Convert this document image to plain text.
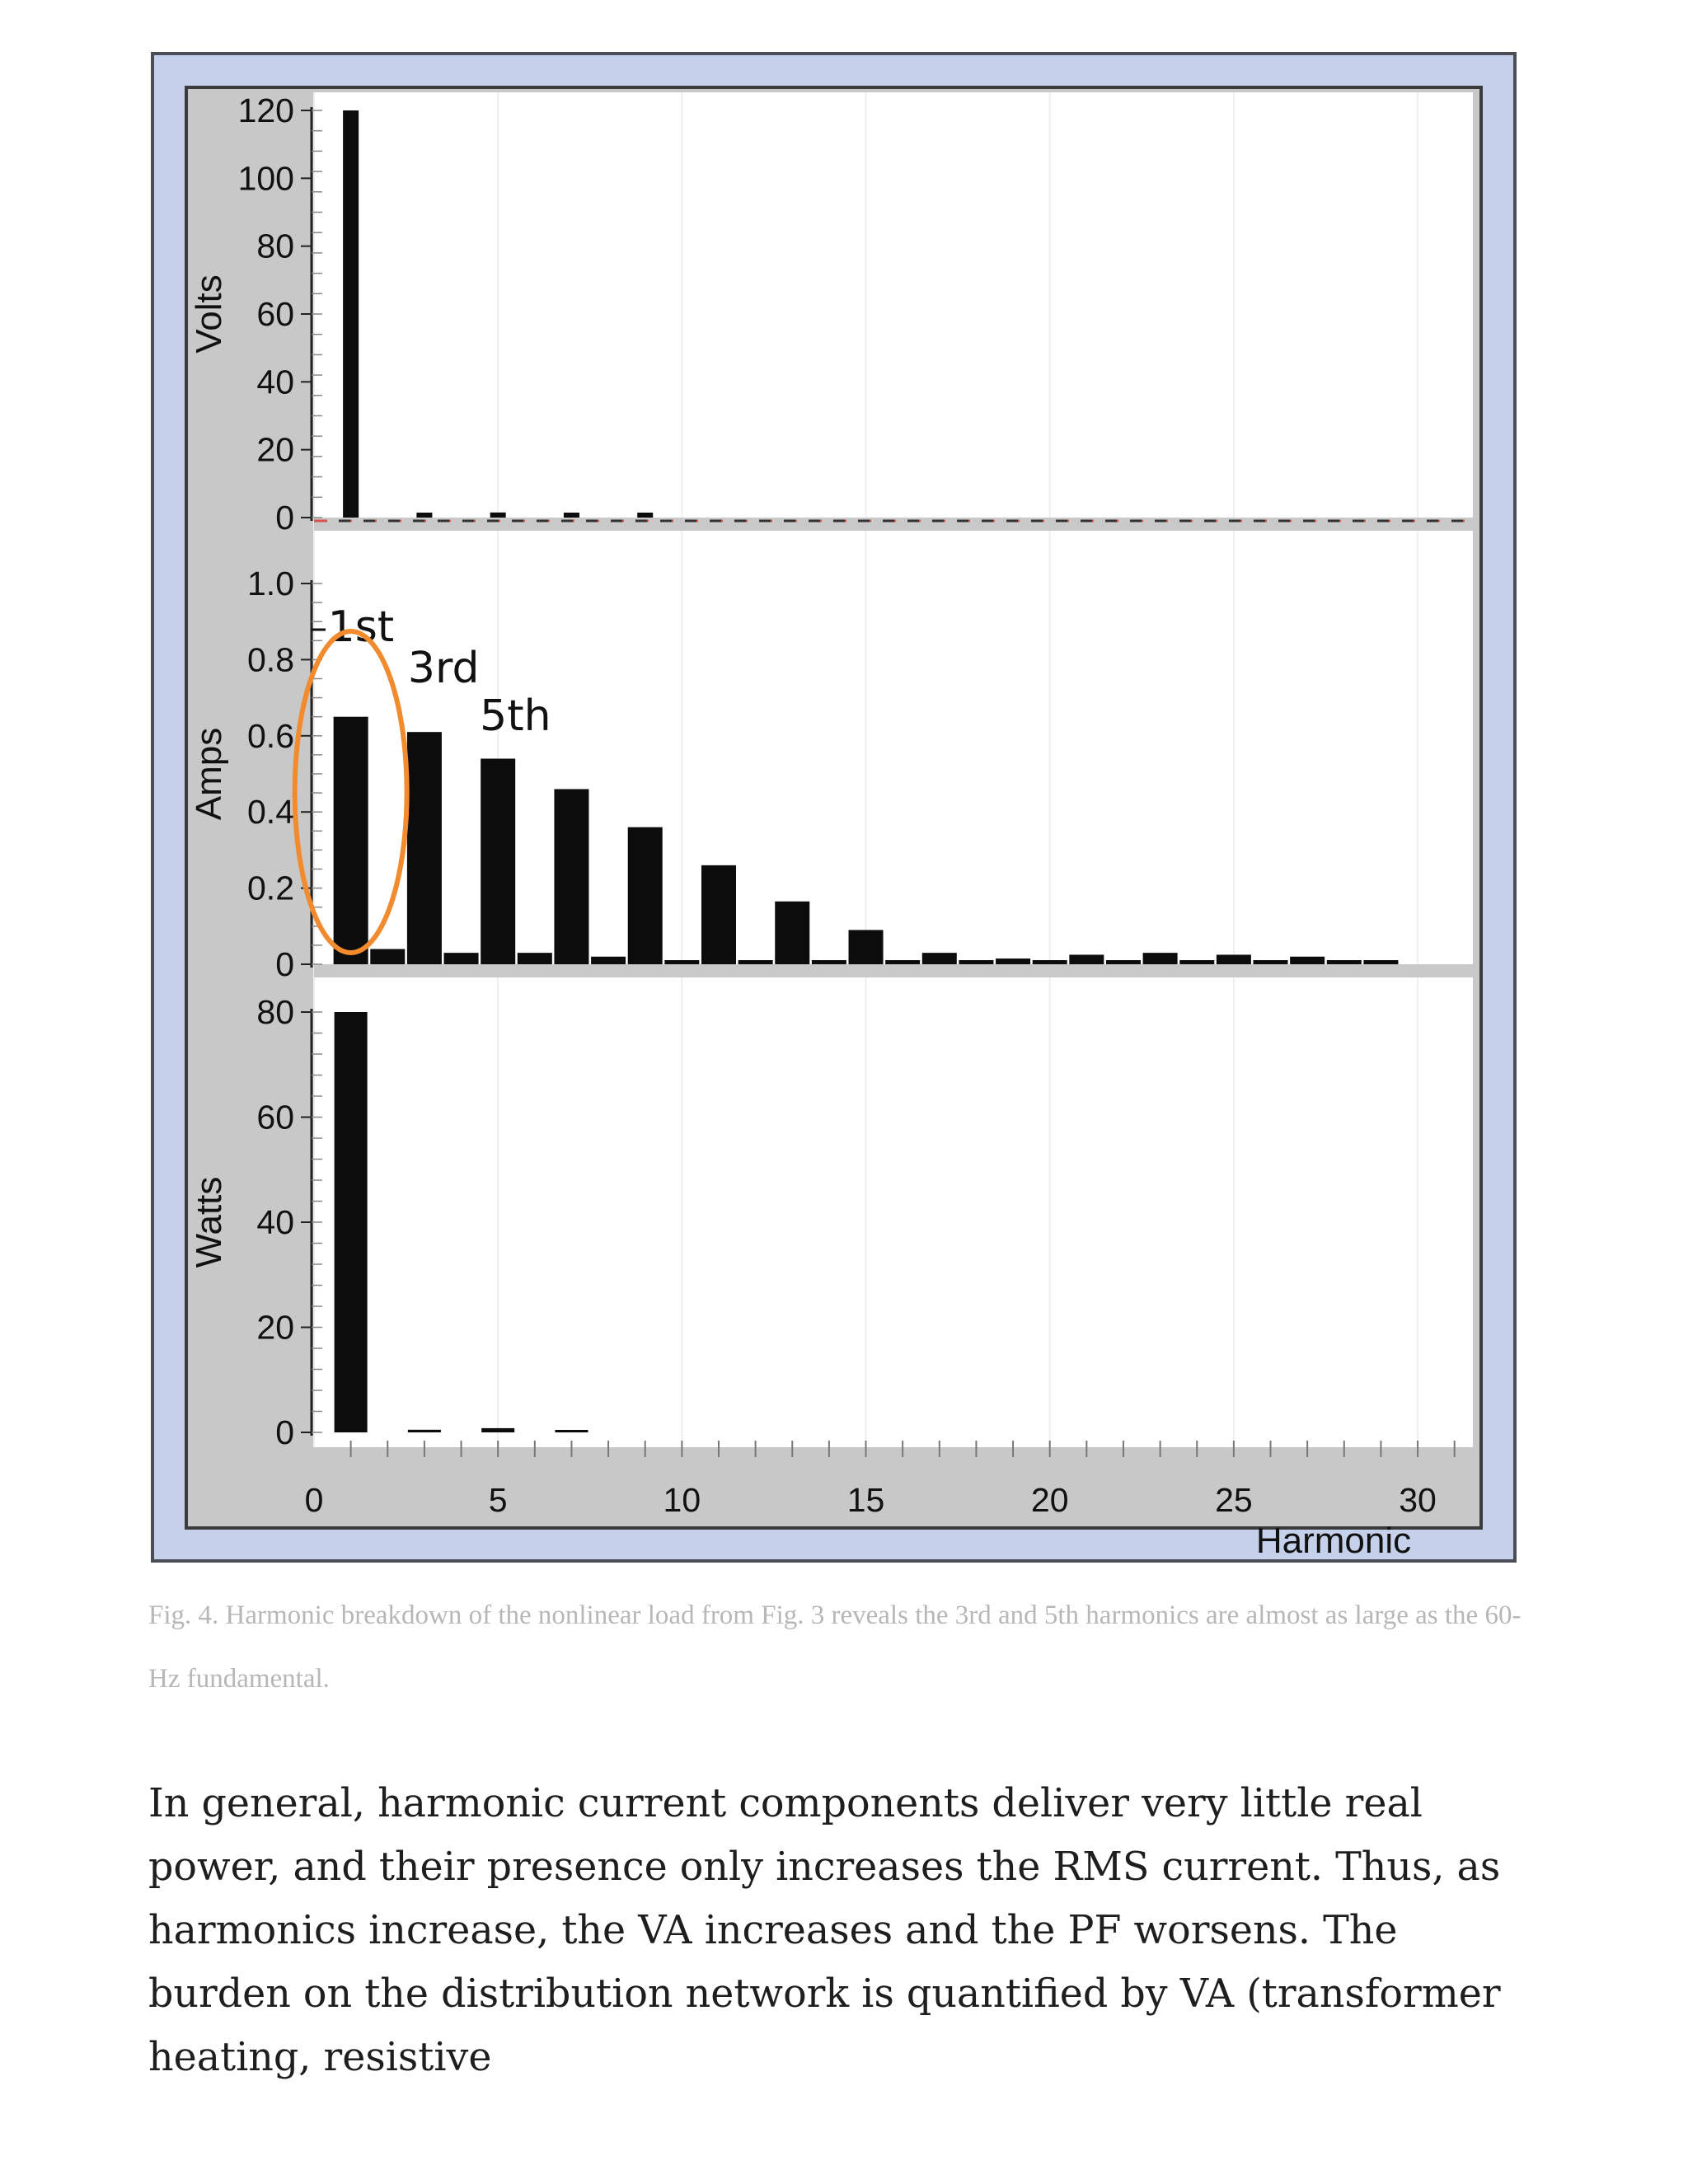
0
20
40
60
80
100
120
Volts
0
0.2
0.4
0.6
0.8
1.0
Amps
1st
3rd
5th
0
20
40
60
80
Watts
0	5	10	15	20	25	30
Harmonic

Fig. 4. Harmonic breakdown of the nonlinear load from Fig. 3 reveals the 3rd and 5th harmonics are almost as large as the 60-Hz fundamental.

In general, harmonic current components deliver very little real power, and their presence only increases the RMS current. Thus, as harmonics increase, the VA increases and the PF worsens. The burden on the distribution network is quantified by VA (transformer heating, resistive
